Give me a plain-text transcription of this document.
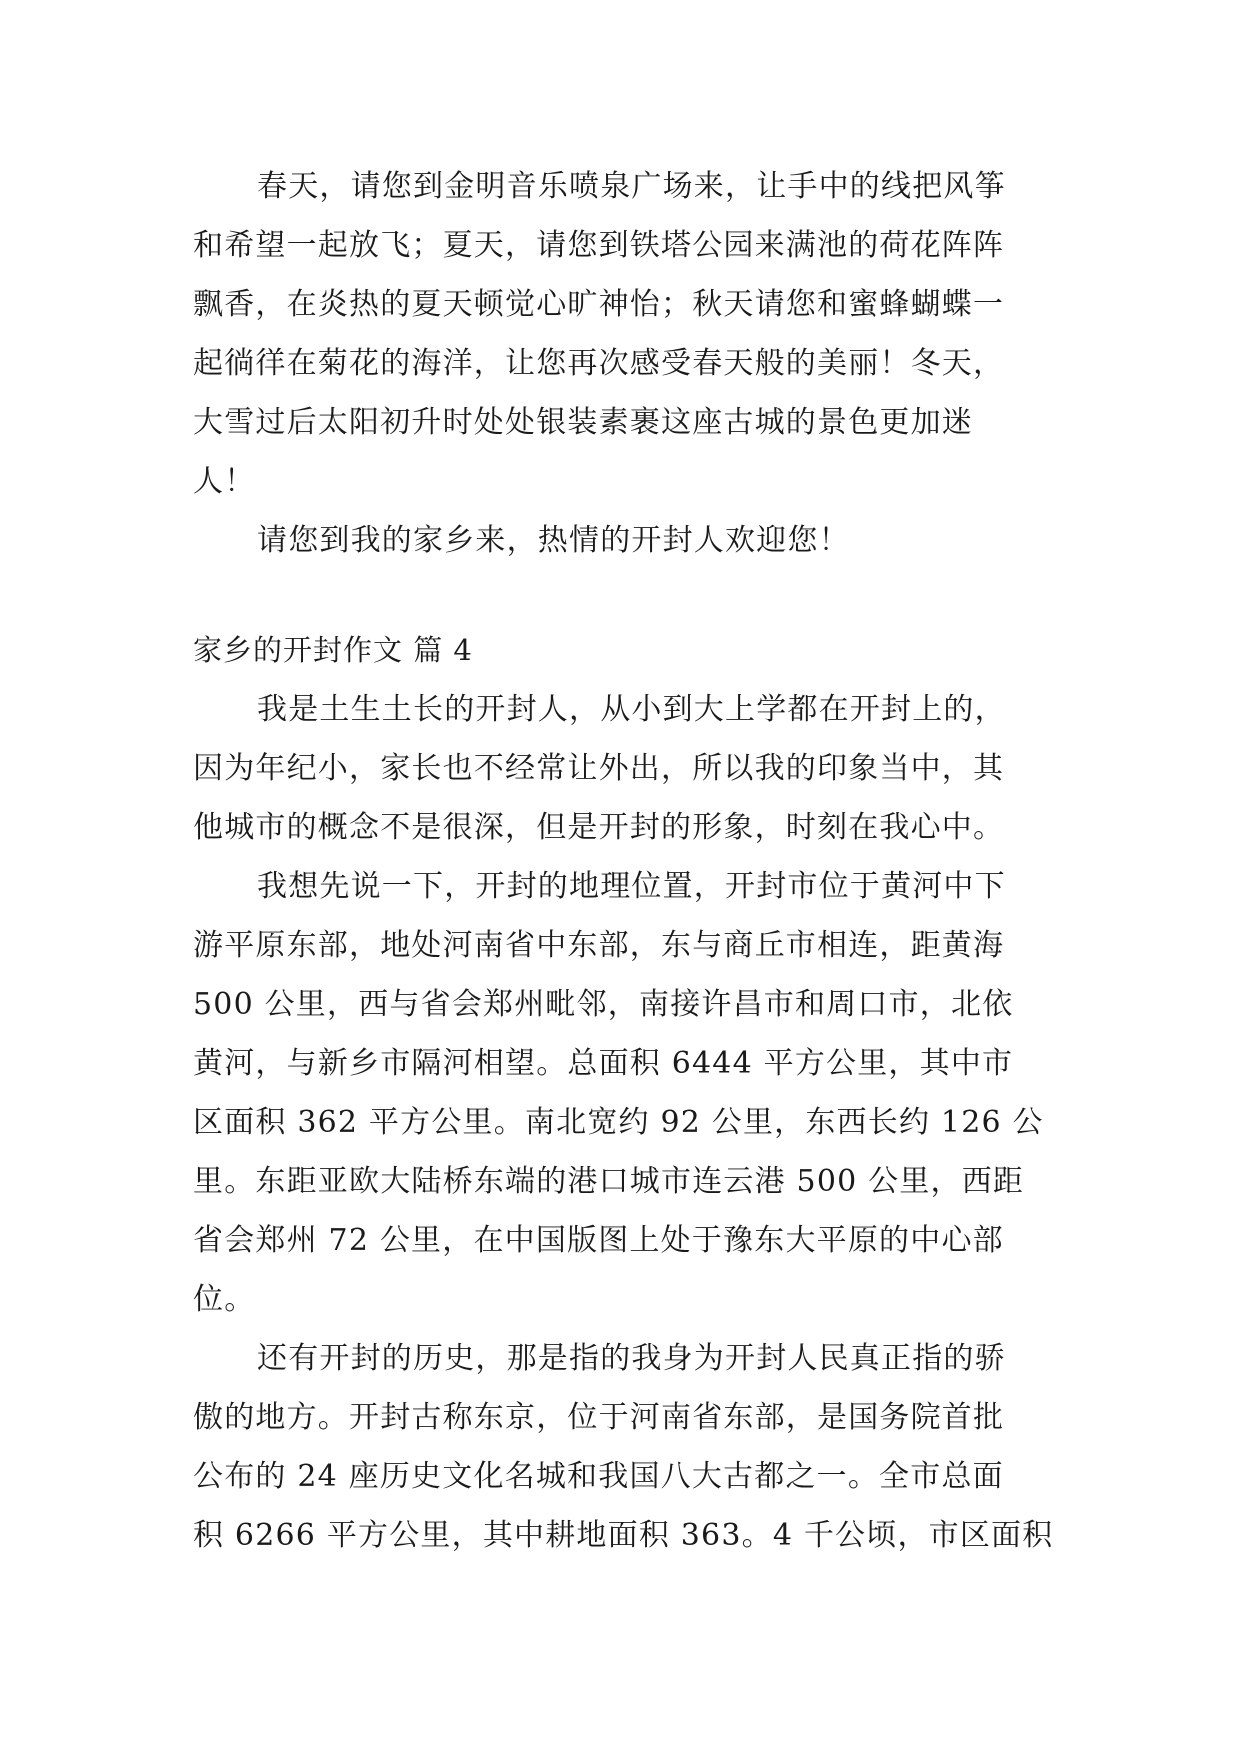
春天，请您到金明音乐喷泉广场来，让手中的线把风筝
和希望一起放飞；夏天，请您到铁塔公园来满池的荷花阵阵
飘香，在炎热的夏天顿觉心旷神怡；秋天请您和蜜蜂蝴蝶一
起徜徉在菊花的海洋，让您再次感受春天般的美丽！冬天，
大雪过后太阳初升时处处银装素裹这座古城的景色更加迷
人！
请您到我的家乡来，热情的开封人欢迎您！
家乡的开封作文 篇 4
我是土生土长的开封人，从小到大上学都在开封上的，
因为年纪小，家长也不经常让外出，所以我的印象当中，其
他城市的概念不是很深，但是开封的形象，时刻在我心中。
我想先说一下，开封的地理位置，开封市位于黄河中下
游平原东部，地处河南省中东部，东与商丘市相连，距黄海
500 公里，西与省会郑州毗邻，南接许昌市和周口市，北依
黄河，与新乡市隔河相望。总面积 6444 平方公里，其中市
区面积 362 平方公里。南北宽约 92 公里，东西长约 126 公
里。东距亚欧大陆桥东端的港口城市连云港 500 公里，西距
省会郑州 72 公里，在中国版图上处于豫东大平原的中心部
位。
还有开封的历史，那是指的我身为开封人民真正指的骄
傲的地方。开封古称东京，位于河南省东部，是国务院首批
公布的 24 座历史文化名城和我国八大古都之一。全市总面
积 6266 平方公里，其中耕地面积 363。4 千公顷，市区面积
